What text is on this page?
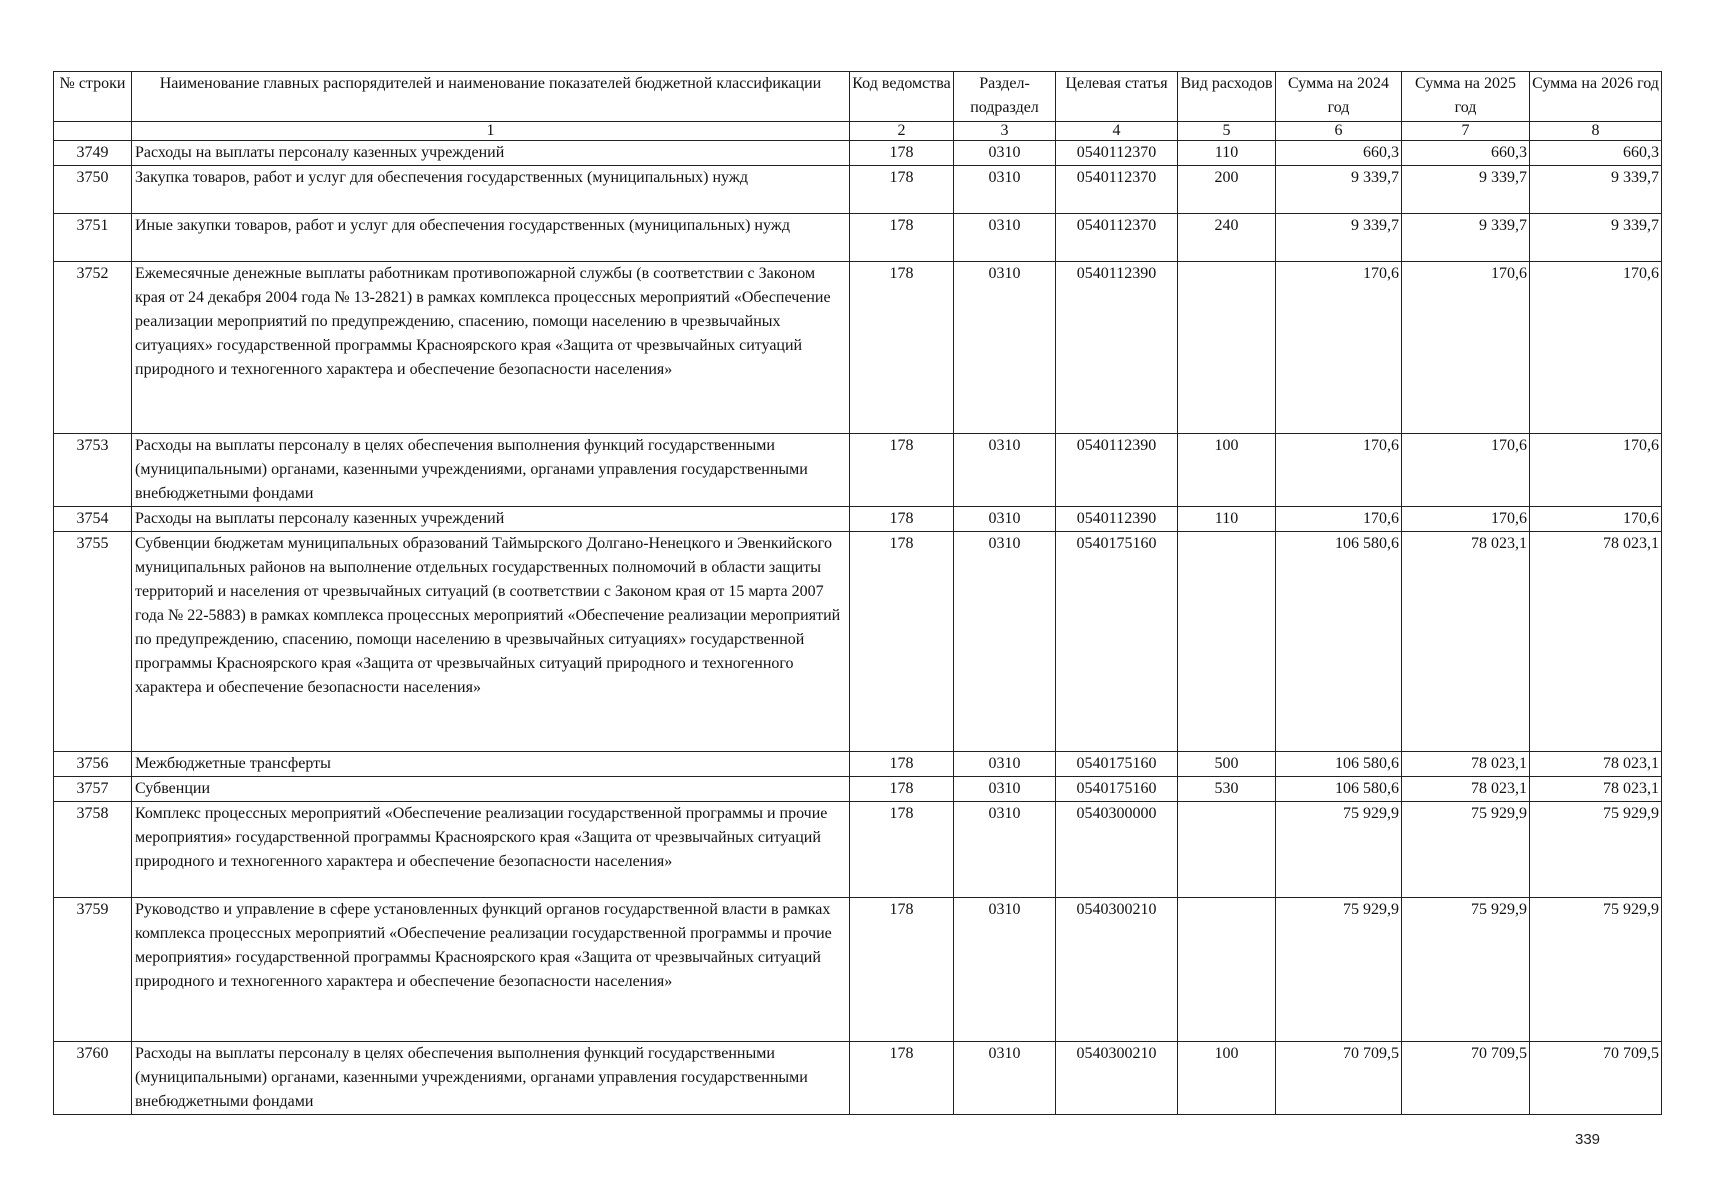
№ строки	Наименование главных распорядителей и наименование показателей бюджетной классификации	Код ведомства	Раздел-подраздел	Целевая статья	Вид расходов	Сумма на 2024 год	Сумма на 2025 год	Сумма на 2026 год
	1	2	3	4	5	6	7	8
3749	Расходы на выплаты персоналу казенных учреждений	178	0310	0540112370	110	660,3	660,3	660,3
3750	Закупка товаров, работ и услуг для обеспечения государственных (муниципальных) нужд	178	0310	0540112370	200	9 339,7	9 339,7	9 339,7
3751	Иные закупки товаров, работ и услуг для обеспечения государственных (муниципальных) нужд	178	0310	0540112370	240	9 339,7	9 339,7	9 339,7
3752	Ежемесячные денежные выплаты работникам противопожарной службы (в соответствии с Законом края от 24 декабря 2004 года № 13-2821) в рамках комплекса процессных мероприятий «Обеспечение реализации мероприятий по предупреждению, спасению, помощи населению в чрезвычайных ситуациях» государственной программы Красноярского края «Защита от чрезвычайных ситуаций природного и техногенного характера и обеспечение безопасности населения»	178	0310	0540112390		170,6	170,6	170,6
3753	Расходы на выплаты персоналу в целях обеспечения выполнения функций государственными (муниципальными) органами, казенными учреждениями, органами управления государственными внебюджетными фондами	178	0310	0540112390	100	170,6	170,6	170,6
3754	Расходы на выплаты персоналу казенных учреждений	178	0310	0540112390	110	170,6	170,6	170,6
3755	Субвенции бюджетам муниципальных образований Таймырского Долгано-Ненецкого и Эвенкийского муниципальных районов на выполнение отдельных государственных полномочий в области защиты территорий и населения от чрезвычайных ситуаций (в соответствии с Законом края от 15 марта 2007 года № 22-5883) в рамках комплекса процессных мероприятий «Обеспечение реализации мероприятий по предупреждению, спасению, помощи населению в чрезвычайных ситуациях» государственной программы Красноярского края «Защита от чрезвычайных ситуаций природного и техногенного характера и обеспечение безопасности населения»	178	0310	0540175160		106 580,6	78 023,1	78 023,1
3756	Межбюджетные трансферты	178	0310	0540175160	500	106 580,6	78 023,1	78 023,1
3757	Субвенции	178	0310	0540175160	530	106 580,6	78 023,1	78 023,1
3758	Комплекс процессных мероприятий «Обеспечение реализации государственной программы и прочие мероприятия» государственной программы Красноярского края «Защита от чрезвычайных ситуаций природного и техногенного характера и обеспечение безопасности населения»	178	0310	0540300000		75 929,9	75 929,9	75 929,9
3759	Руководство и управление в сфере установленных функций органов государственной власти в рамках комплекса процессных мероприятий «Обеспечение реализации государственной программы и прочие мероприятия» государственной программы Красноярского края «Защита от чрезвычайных ситуаций природного и техногенного характера и обеспечение безопасности населения»	178	0310	0540300210		75 929,9	75 929,9	75 929,9
3760	Расходы на выплаты персоналу в целях обеспечения выполнения функций государственными (муниципальными) органами, казенными учреждениями, органами управления государственными внебюджетными фондами	178	0310	0540300210	100	70 709,5	70 709,5	70 709,5
339
